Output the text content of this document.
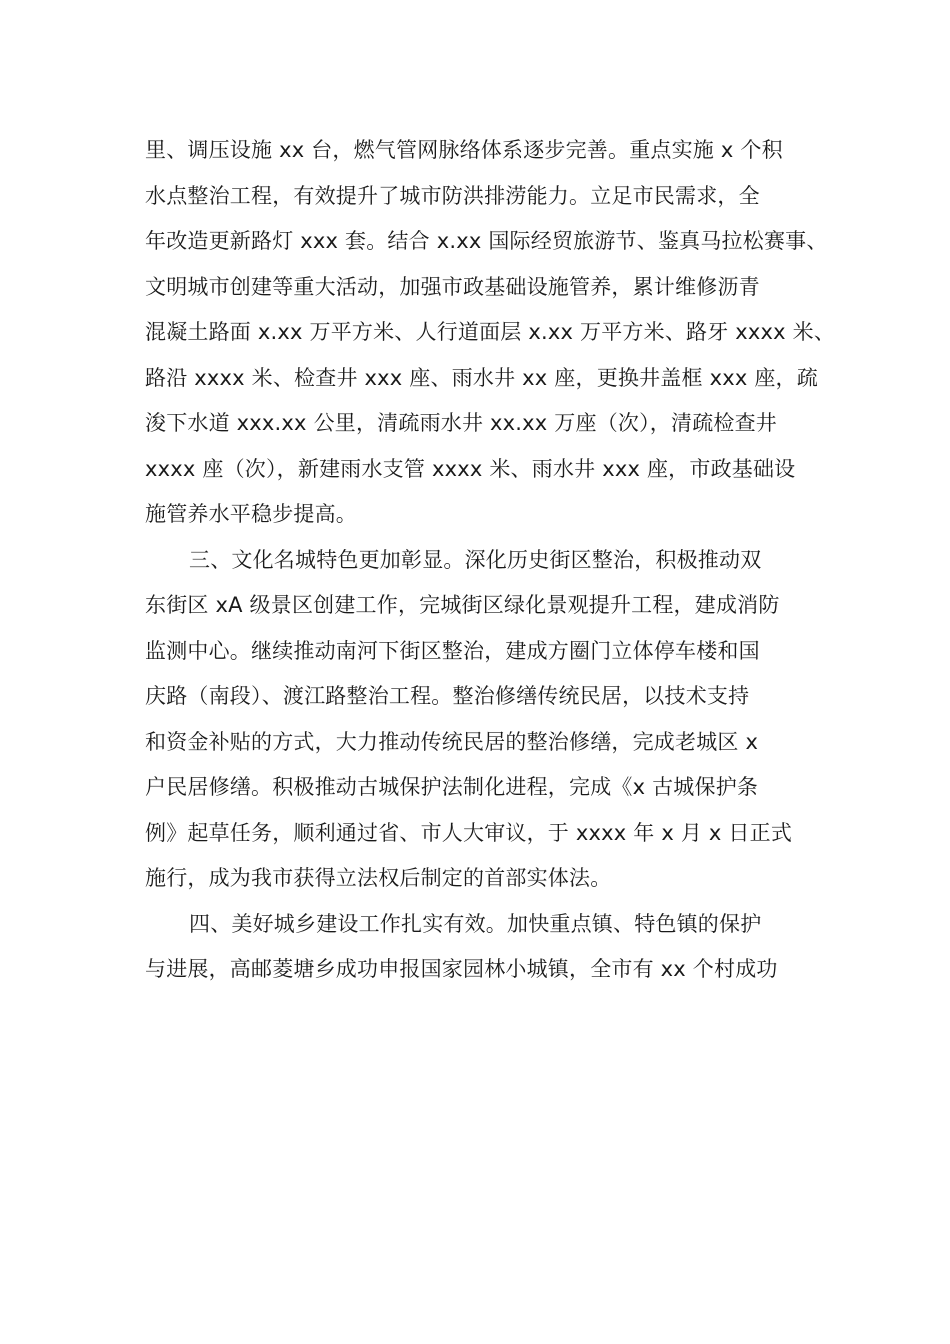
里、调压设施 xx 台，燃气管网脉络体系逐步完善。重点实施 x 个积
水点整治工程，有效提升了城市防洪排涝能力。立足市民需求，全
年改造更新路灯 xxx 套。结合 x.xx 国际经贸旅游节、鉴真马拉松赛事、
文明城市创建等重大活动，加强市政基础设施管养，累计维修沥青
混凝土路面 x.xx 万平方米、人行道面层 x.xx 万平方米、路牙 xxxx 米、
路沿 xxxx 米、检查井 xxx 座、雨水井 xx 座，更换井盖框 xxx 座，疏
浚下水道 xxx.xx 公里，清疏雨水井 xx.xx 万座（次），清疏检查井
xxxx 座（次），新建雨水支管 xxxx 米、雨水井 xxx 座，市政基础设
施管养水平稳步提高。
三、文化名城特色更加彰显。深化历史街区整治，积极推动双
东街区 xA 级景区创建工作，完城街区绿化景观提升工程，建成消防
监测中心。继续推动南河下街区整治，建成方圈门立体停车楼和国
庆路（南段）、渡江路整治工程。整治修缮传统民居，以技术支持
和资金补贴的方式，大力推动传统民居的整治修缮，完成老城区 x
户民居修缮。积极推动古城保护法制化进程，完成《x 古城保护条
例》起草任务，顺利通过省、市人大审议，于 xxxx 年 x 月 x 日正式
施行，成为我市获得立法权后制定的首部实体法。
四、美好城乡建设工作扎实有效。加快重点镇、特色镇的保护
与进展，高邮菱塘乡成功申报国家园林小城镇，全市有 xx 个村成功
